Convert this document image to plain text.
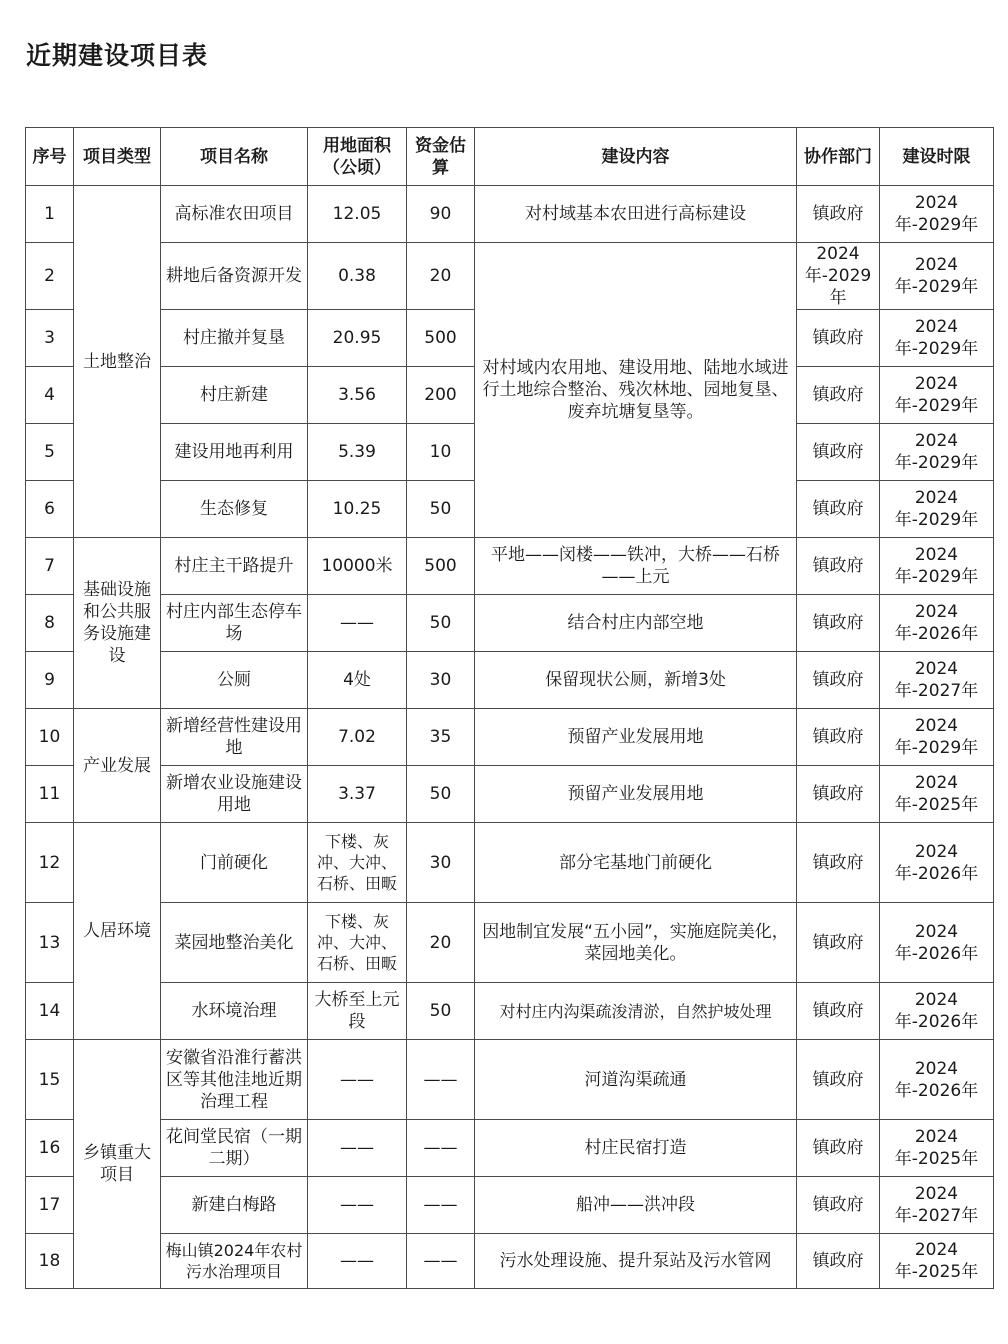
近期建设项目表
序号	项目类型	项目名称	用地面积（公顷）	资金估算	建设内容	协作部门	建设时限
1	土地整治	高标准农田项目	12.05	90	对村域基本农田进行高标建设	镇政府	2024年-2029年
2		耕地后备资源开发	0.38	20	对村域内农用地、建设用地、陆地水域进行土地综合整治、残次林地、园地复垦、废弃坑塘复垦等。	2024年-2029年	2024年-2029年
3		村庄撤并复垦	20.95	500		镇政府	2024年-2029年
4		村庄新建	3.56	200		镇政府	2024年-2029年
5		建设用地再利用	5.39	10		镇政府	2024年-2029年
6		生态修复	10.25	50		镇政府	2024年-2029年
7	基础设施和公共服务设施建设	村庄主干路提升	10000米	500	平地——闵楼——铁冲，大桥——石桥——上元	镇政府	2024年-2029年
8		村庄内部生态停车场	——	50	结合村庄内部空地	镇政府	2024年-2026年
9		公厕	4处	30	保留现状公厕，新增3处	镇政府	2024年-2027年
10	产业发展	新增经营性建设用地	7.02	35	预留产业发展用地	镇政府	2024年-2029年
11		新增农业设施建设用地	3.37	50	预留产业发展用地	镇政府	2024年-2025年
12	人居环境	门前硬化	下楼、灰冲、大冲、石桥、田畈	30	部分宅基地门前硬化	镇政府	2024年-2026年
13		菜园地整治美化	下楼、灰冲、大冲、石桥、田畈	20	因地制宜发展“五小园”，实施庭院美化，菜园地美化。	镇政府	2024年-2026年
14		水环境治理	大桥至上元段	50	对村庄内沟渠疏浚清淤，自然护坡处理	镇政府	2024年-2026年
15	乡镇重大项目	安徽省沿淮行蓄洪区等其他洼地近期治理工程	——	——	河道沟渠疏通	镇政府	2024年-2026年
16		花间堂民宿（一期二期）	——	——	村庄民宿打造	镇政府	2024年-2025年
17		新建白梅路	——	——	船冲——洪冲段	镇政府	2024年-2027年
18		梅山镇2024年农村污水治理项目	——	——	污水处理设施、提升泵站及污水管网	镇政府	2024年-2025年
